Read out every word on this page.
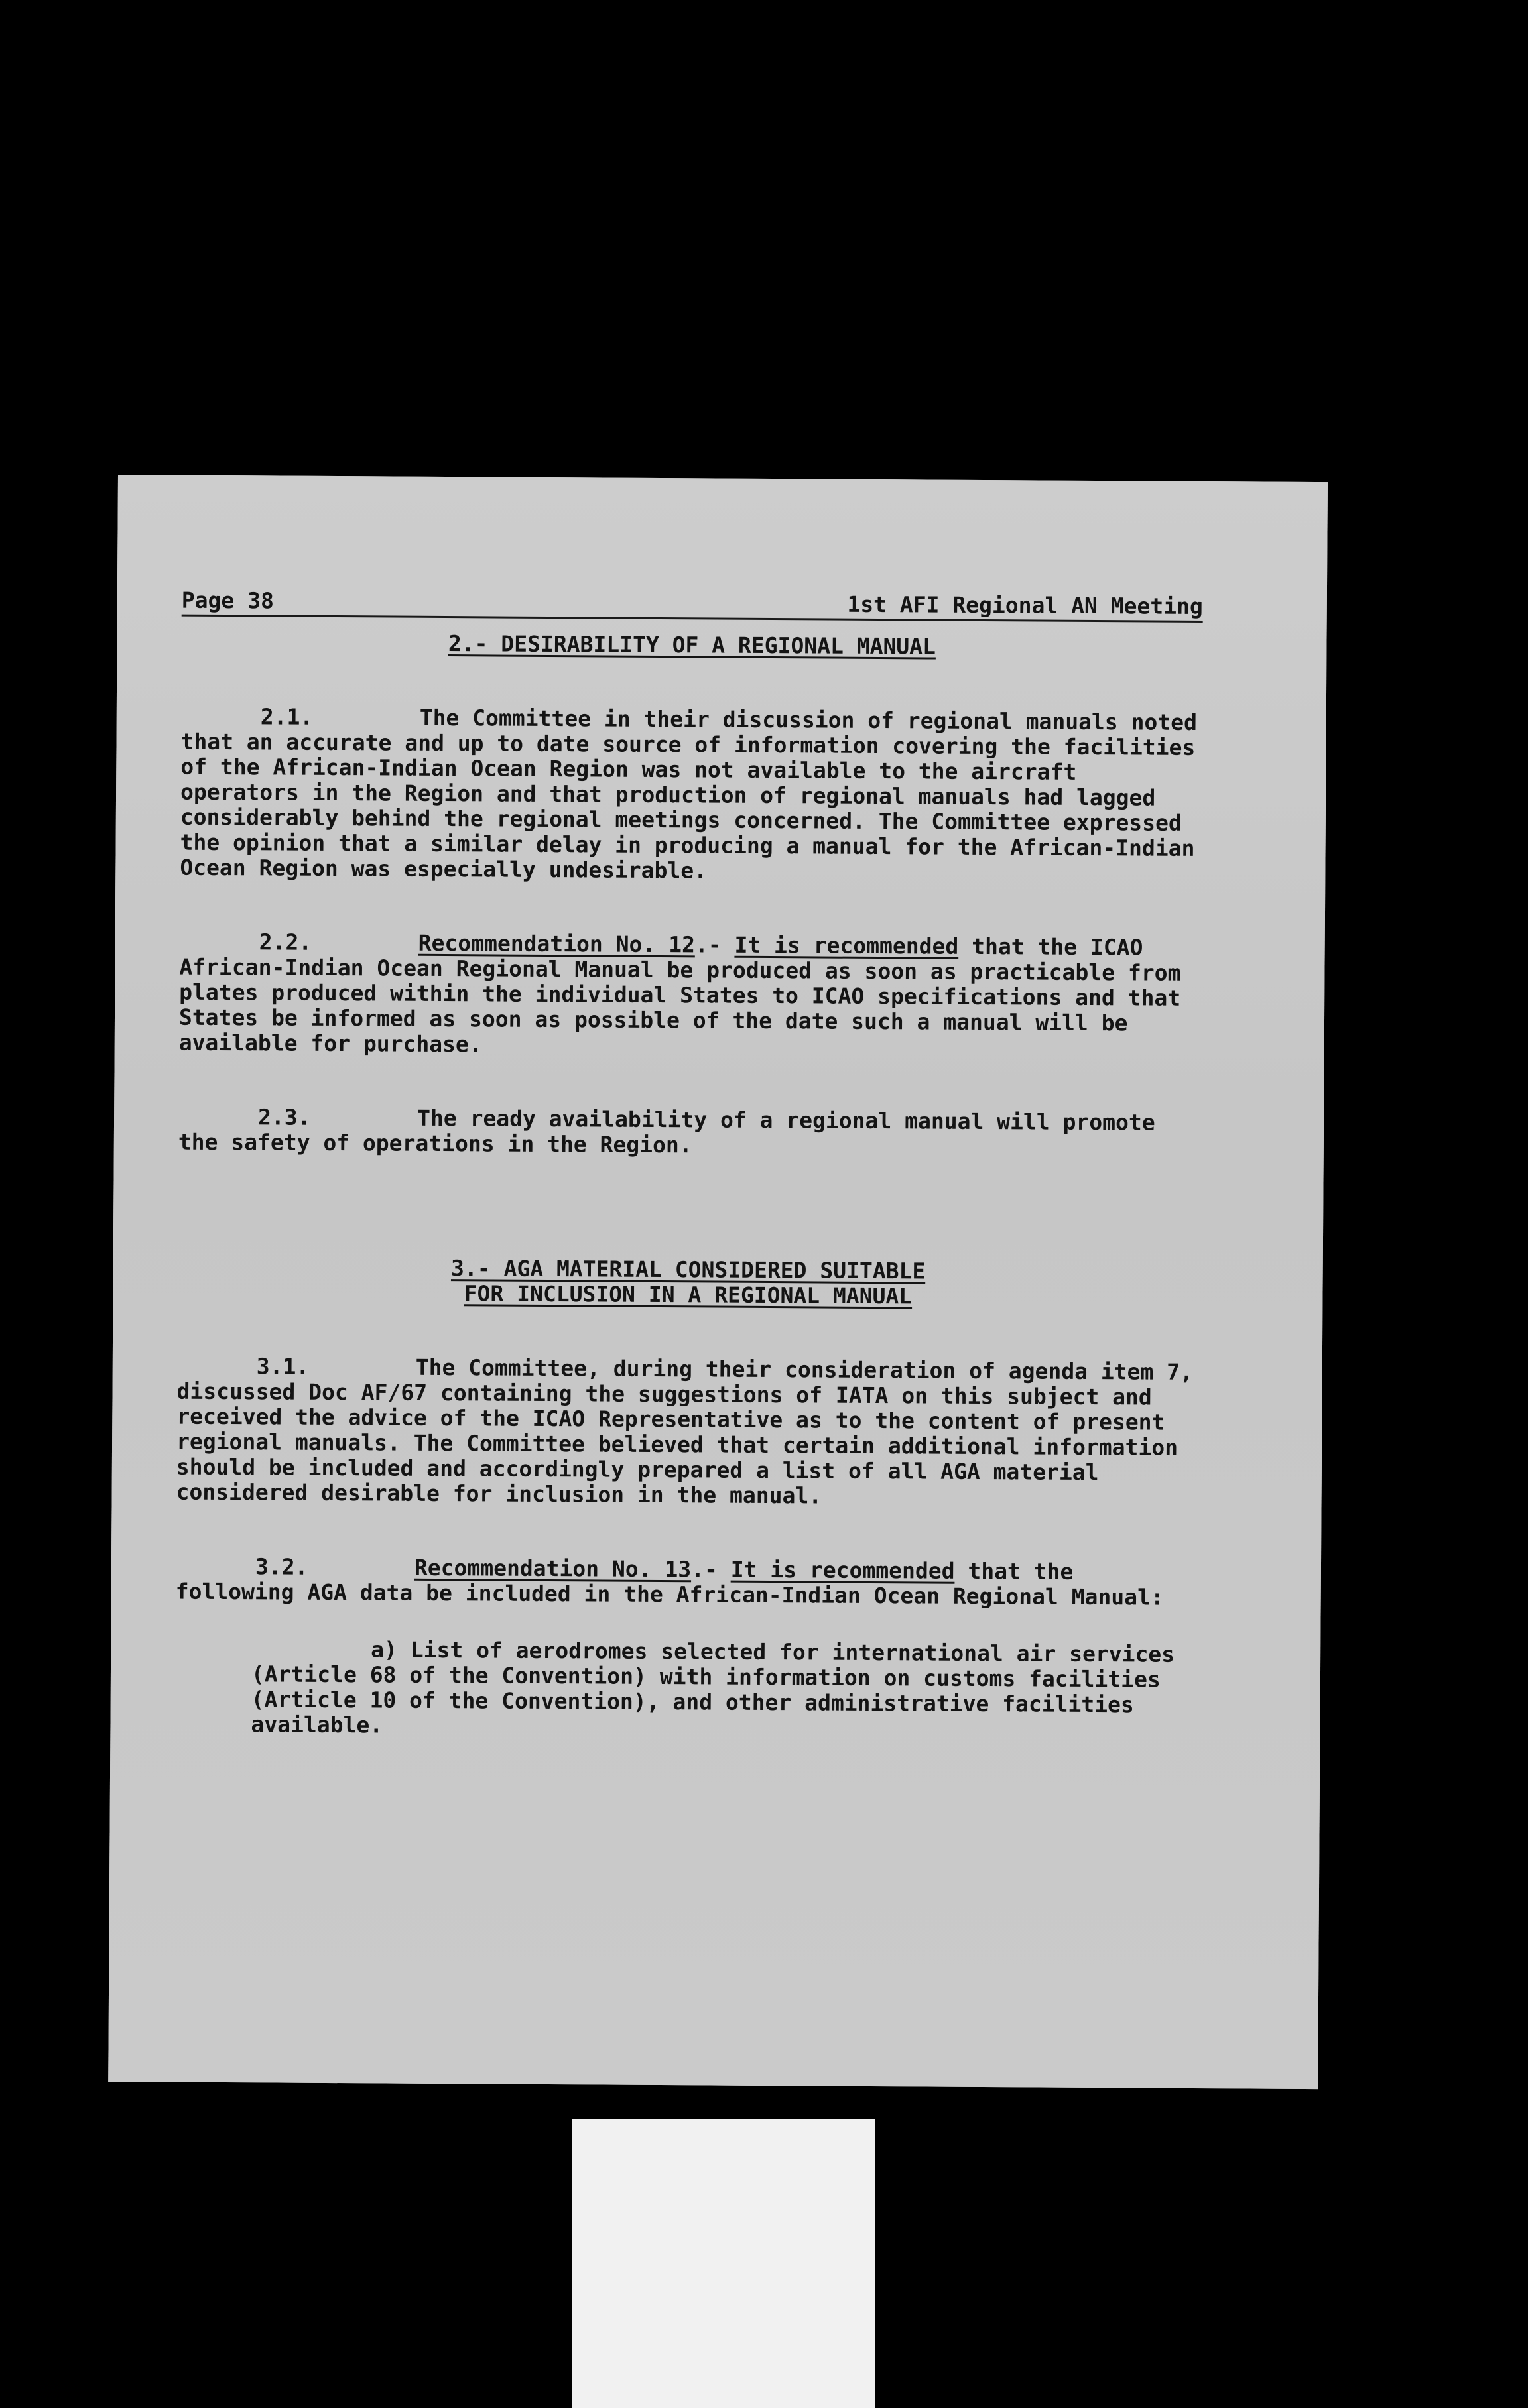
Page 38	1st AFI Regional AN Meeting
2.- DESIRABILITY OF A REGIONAL MANUAL

2.1.	The Committee in their discussion of regional manuals noted that an accurate and up to date source of information covering the facilities of the African-Indian Ocean Region was not available to the aircraft operators in the Region and that production of regional manuals had lagged considerably behind the regional meetings concerned. The Committee expressed the opinion that a similar delay in producing a manual for the African-Indian Ocean Region was especially undesirable.

2.2.	Recommendation No. 12.- It is recommended that the ICAO African-Indian Ocean Regional Manual be produced as soon as practicable from plates produced within the individual States to ICAO specifications and that States be informed as soon as possible of the date such a manual will be available for purchase.

2.3.	The ready availability of a regional manual will promote the safety of operations in the Region.

3.- AGA MATERIAL CONSIDERED SUITABLE
FOR INCLUSION IN A REGIONAL MANUAL

3.1.	The Committee, during their consideration of agenda item 7, discussed Doc AF/67 containing the suggestions of IATA on this subject and received the advice of the ICAO Representative as to the content of present regional manuals. The Committee believed that certain additional information should be included and accordingly prepared a list of all AGA material considered desirable for inclusion in the manual.

3.2.	Recommendation No. 13.- It is recommended that the following AGA data be included in the African-Indian Ocean Regional Manual:

a) List of aerodromes selected for international air services (Article 68 of the Convention) with information on customs facilities (Article 10 of the Convention), and other administrative facilities available.
